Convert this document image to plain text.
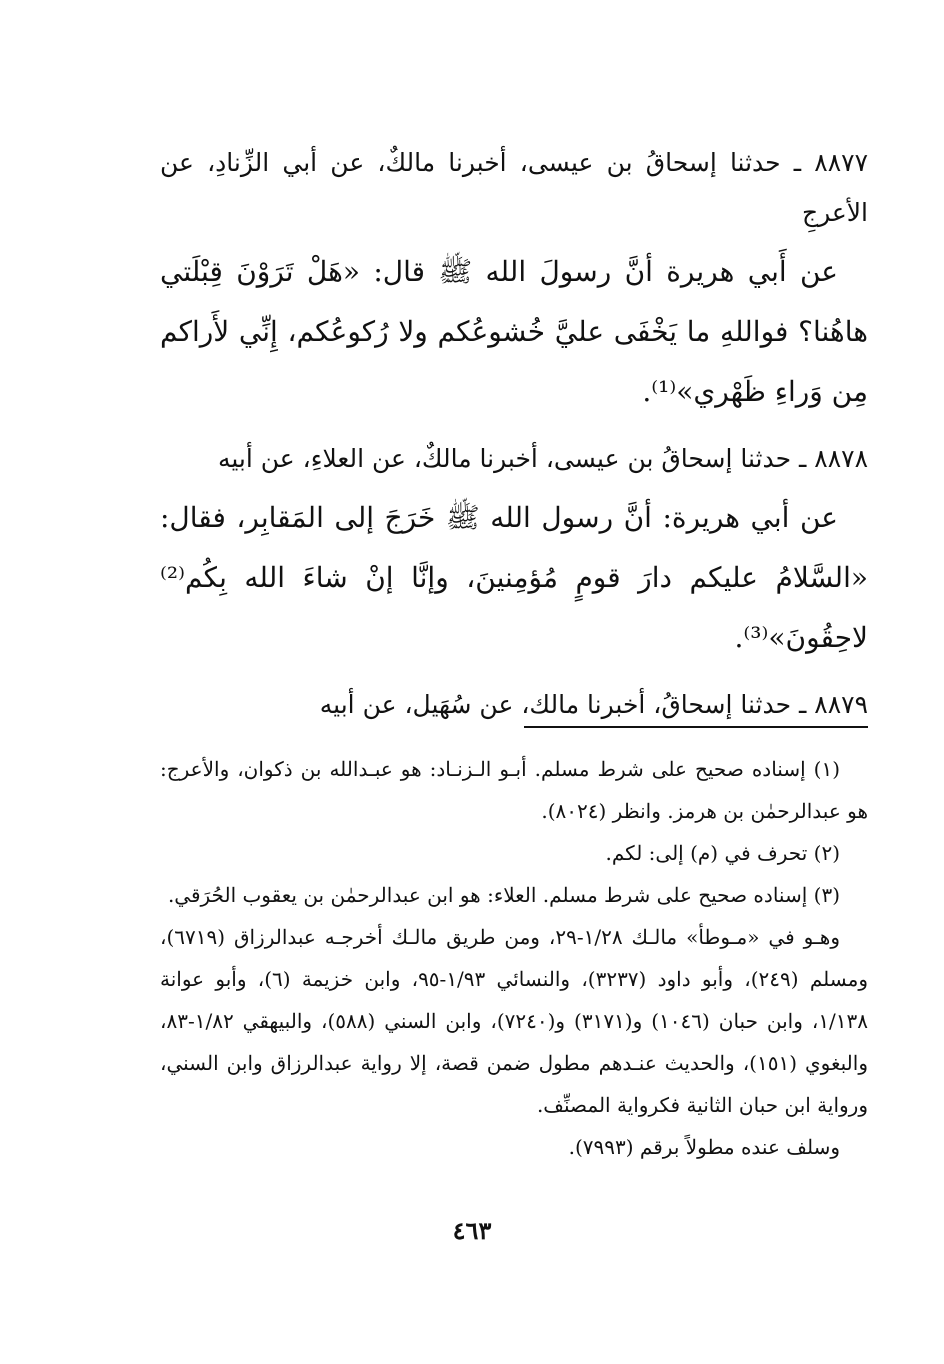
٨٨٧٧ ـ حدثنا إسحاقُ بن عيسى، أخبرنا مالكٌ، عن أبي الزِّنادِ، عن الأعرجِ

عن أَبي هريرة أنَّ رسولَ الله ﷺ قال: «هَلْ تَرَوْنَ قِبْلَتي هاهُنا؟ فواللهِ ما يَخْفَى عليَّ خُشوعُكم ولا رُكوعُكم، إِنِّي لأَراكم مِن وَراءِ ظَهْري»⁽¹⁾.

٨٨٧٨ ـ حدثنا إسحاقُ بن عيسى، أخبرنا مالكٌ، عن العلاءِ، عن أبيه

عن أبي هريرة: أنَّ رسول الله ﷺ خَرَجَ إلى المَقابِر، فقال: «السَّلامُ عليكم دارَ قومٍ مُؤمِنينَ، وإنَّا إنْ شاءَ الله بِكُم⁽²⁾ لاحِقُونَ»⁽³⁾.

٨٨٧٩ ـ حدثنا إسحاقُ، أخبرنا مالك، عن سُهَيل، عن أبيه

(١) إسناده صحيح على شرط مسلم. أبـو الـزنـاد: هو عبـدالله بن ذكوان، والأعرج: هو عبدالرحمٰن بن هرمز. وانظر (٨٠٢٤).

(٢) تحرف في (م) إلى: لكم.

(٣) إسناده صحيح على شرط مسلم. العلاء: هو ابن عبدالرحمٰن بن يعقوب الحُرَقي.

وهـو في «مـوطأ» مالـك ١/٢٨-٢٩، ومن طريق مالـك أخرجـه عبدالرزاق (٦٧١٩)، ومسلم (٢٤٩)، وأبو داود (٣٢٣٧)، والنسائي ١/٩٣-٩٥، وابن خزيمة (٦)، وأبو عوانة ١/١٣٨، وابن حبان (١٠٤٦) و(٣١٧١) و(٧٢٤٠)، وابن السني (٥٨٨)، والبيهقي ١/٨٢-٨٣، والبغوي (١٥١)، والحديث عنـدهم مطول ضمن قصة، إلا رواية عبدالرزاق وابن السني، ورواية ابن حبان الثانية فكرواية المصنِّف.

وسلف عنده مطولاً برقم (٧٩٩٣).

٤٦٣
